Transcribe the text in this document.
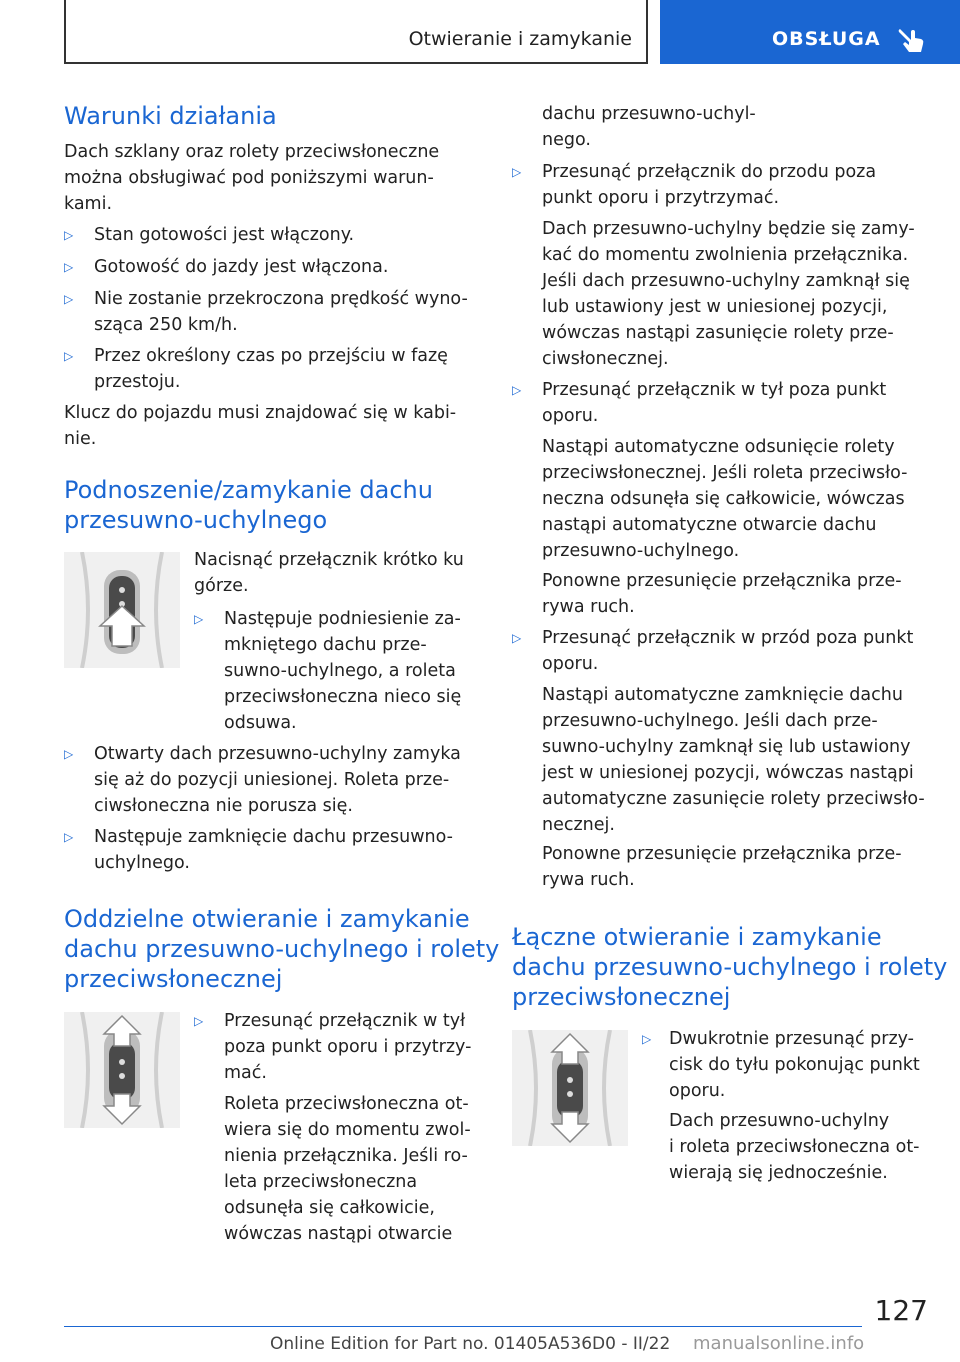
Otwieranie i zamykanie	OBSŁUGA
Warunki działania

Dach szklany oraz rolety przeciwsłoneczne

można obsługiwać pod poniższymi warun-

kami.

▷ Stan gotowości jest włączony.

▷ Gotowość do jazdy jest włączona.

▷ Nie zostanie przekroczona prędkość wyno-

sząca 250 km/h.

▷ Przez określony czas po przejściu w fazę

przestoju.

Klucz do pojazdu musi znajdować się w kabi-

nie.

Podnoszenie/zamykanie dachu
przesuwno-uchylnego

Nacisnąć przełącznik krótko ku

górze.

▷ Następuje podniesienie za-

mkniętego dachu prze-

suwno-uchylnego, a roleta

przeciwsłoneczna nieco się

odsuwa.

▷ Otwarty dach przesuwno-uchylny zamyka

się aż do pozycji uniesionej. Roleta prze-

ciwsłoneczna nie porusza się.

▷ Następuje zamknięcie dachu przesuwno-

uchylnego.

Oddzielne otwieranie i zamykanie
dachu przesuwno-uchylnego i rolety
przeciwsłonecznej
▷ Przesunąć przełącznik w tył

poza punkt oporu i przytrzy-

mać.

Roleta przeciwsłoneczna ot-

wiera się do momentu zwol-

nienia przełącznika. Jeśli ro-

leta przeciwsłoneczna

odsunęła się całkowicie,

wówczas nastąpi otwarcie

dachu przesuwno-uchyl-

nego.

▷ Przesunąć przełącznik do przodu poza

punkt oporu i przytrzymać.

Dach przesuwno-uchylny będzie się zamy-

kać do momentu zwolnienia przełącznika.

Jeśli dach przesuwno-uchylny zamknął się

lub ustawiony jest w uniesionej pozycji,

wówczas nastąpi zasunięcie rolety prze-

ciwsłonecznej.

▷ Przesunąć przełącznik w tył poza punkt

oporu.

Nastąpi automatyczne odsunięcie rolety

przeciwsłonecznej. Jeśli roleta przeciwsło-

neczna odsunęła się całkowicie, wówczas

nastąpi automatyczne otwarcie dachu

przesuwno-uchylnego.

Ponowne przesunięcie przełącznika prze-

rywa ruch.

▷ Przesunąć przełącznik w przód poza punkt

oporu.

Nastąpi automatyczne zamknięcie dachu

przesuwno-uchylnego. Jeśli dach prze-

suwno-uchylny zamknął się lub ustawiony

jest w uniesionej pozycji, wówczas nastąpi

automatyczne zasunięcie rolety przeciwsło-

necznej.

Ponowne przesunięcie przełącznika prze-

rywa ruch.

Łączne otwieranie i zamykanie
dachu przesuwno-uchylnego i rolety
przeciwsłonecznej
▷ Dwukrotnie przesunąć przy-

cisk do tyłu pokonując punkt

oporu.

Dach przesuwno-uchylny

i roleta przeciwsłoneczna ot-

wierają się jednocześnie.

127
Online Edition for Part no. 01405A536D0 - II/22 manualsonline.info
